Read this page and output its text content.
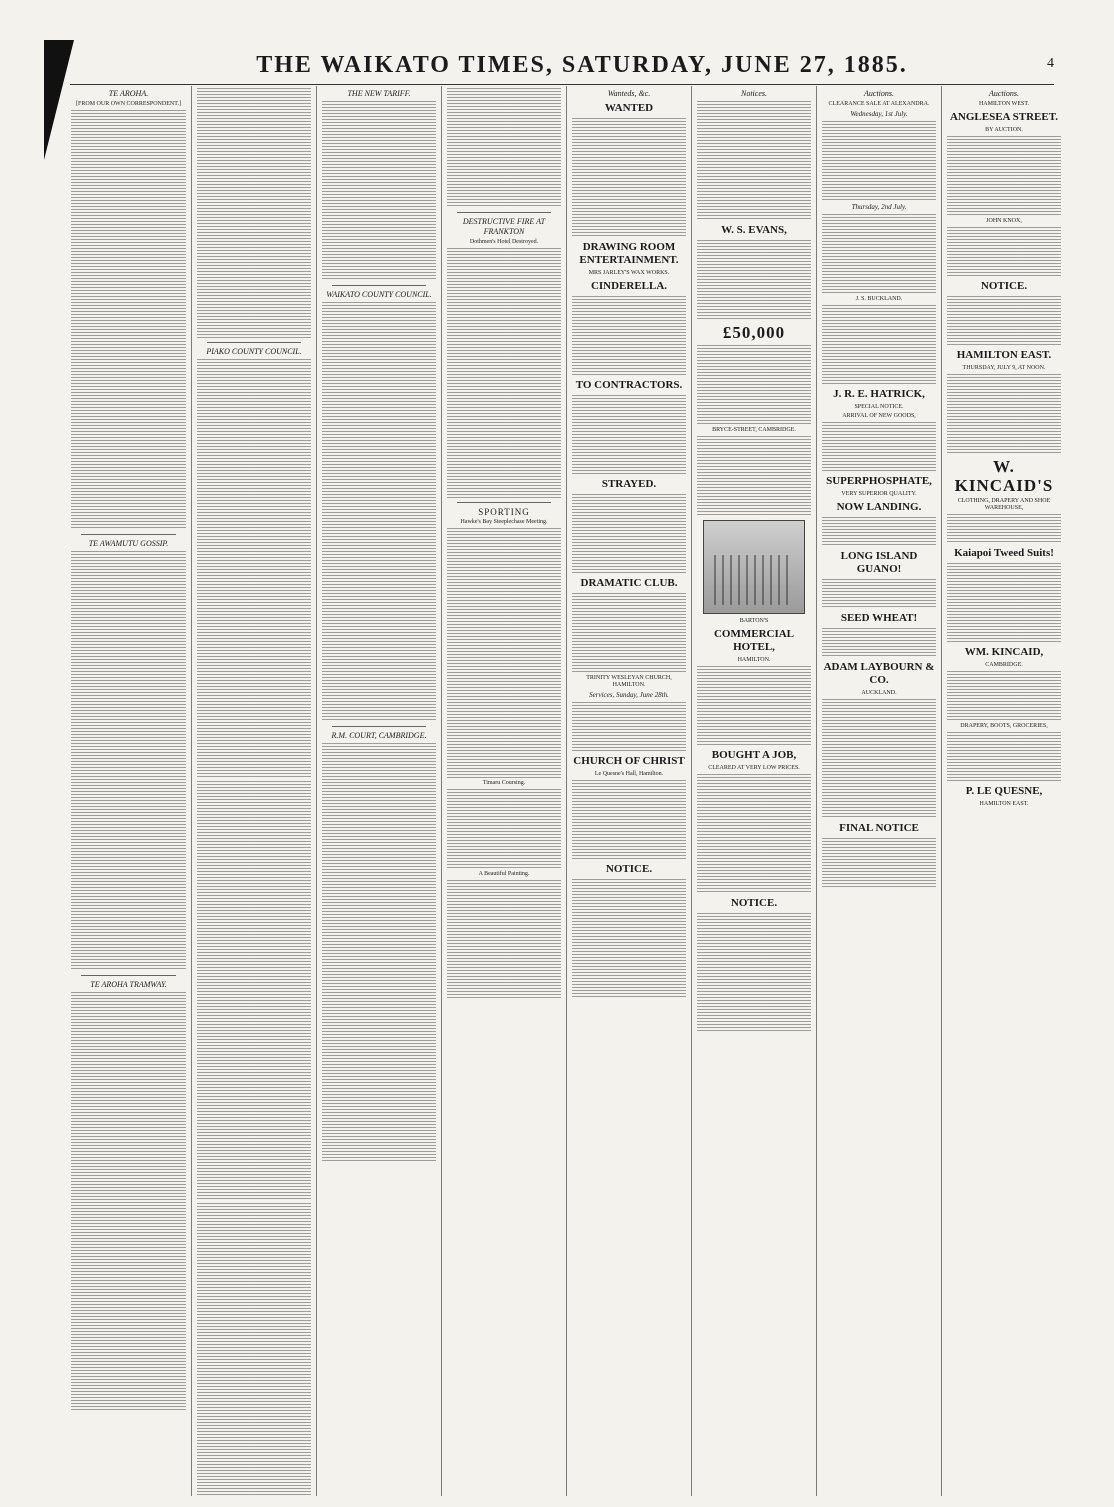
THE WAIKATO TIMES, SATURDAY, JUNE 27, 1885.	4
TE AROHA.
[FROM OUR OWN CORRESPONDENT.]
TE AWAMUTU GOSSIP.
TE AROHA TRAMWAY.
PIAKO COUNTY COUNCIL.
THE NEW TARIFF.
WAIKATO COUNTY COUNCIL.
R.M. COURT, CAMBRIDGE.
DESTRUCTIVE FIRE AT FRANKTON
Dothmen's Hotel Destroyed.
SPORTING
Hawke's Bay Steeplechase Meeting.
Timaru Coursing.
A Beautiful Painting.
Wanteds, &c.
WANTED
DRAWING ROOM ENTERTAINMENT.
MRS JARLEY'S WAX WORKS.
CINDERELLA.
TO CONTRACTORS.
STRAYED.
DRAMATIC CLUB.
TRINITY WESLEYAN CHURCH, HAMILTON.
Services, Sunday, June 28th.
CHURCH OF CHRIST
Le Quesne's Hall, Hamilton.
NOTICE.
Notices.
W. S. EVANS,
£50,000
BRYCE-STREET, CAMBRIDGE.
BARTON'S
COMMERCIAL HOTEL,
HAMILTON.
BOUGHT A JOB,
CLEARED AT VERY LOW PRICES.
NOTICE.
Auctions.
CLEARANCE SALE AT ALEXANDRA.
Wednesday, 1st July.
Thursday, 2nd July.
J. S. BUCKLAND.
J. R. E. HATRICK,
SPECIAL NOTICE.
ARRIVAL OF NEW GOODS,
SUPERPHOSPHATE,
VERY SUPERIOR QUALITY.
NOW LANDING.
LONG ISLAND GUANO!
SEED WHEAT!
ADAM LAYBOURN & CO.
AUCKLAND.
FINAL NOTICE
Auctions.
HAMILTON WEST.
ANGLESEA STREET.
BY AUCTION.
JOHN KNOX,
NOTICE.
HAMILTON EAST.
THURSDAY, JULY 9, AT NOON.
W. KINCAID'S
CLOTHING, DRAPERY AND SHOE WAREHOUSE,
Kaiapoi Tweed Suits!
WM. KINCAID,
CAMBRIDGE.
DRAPERY, BOOTS, GROCERIES,
P. LE QUESNE,
HAMILTON EAST.
